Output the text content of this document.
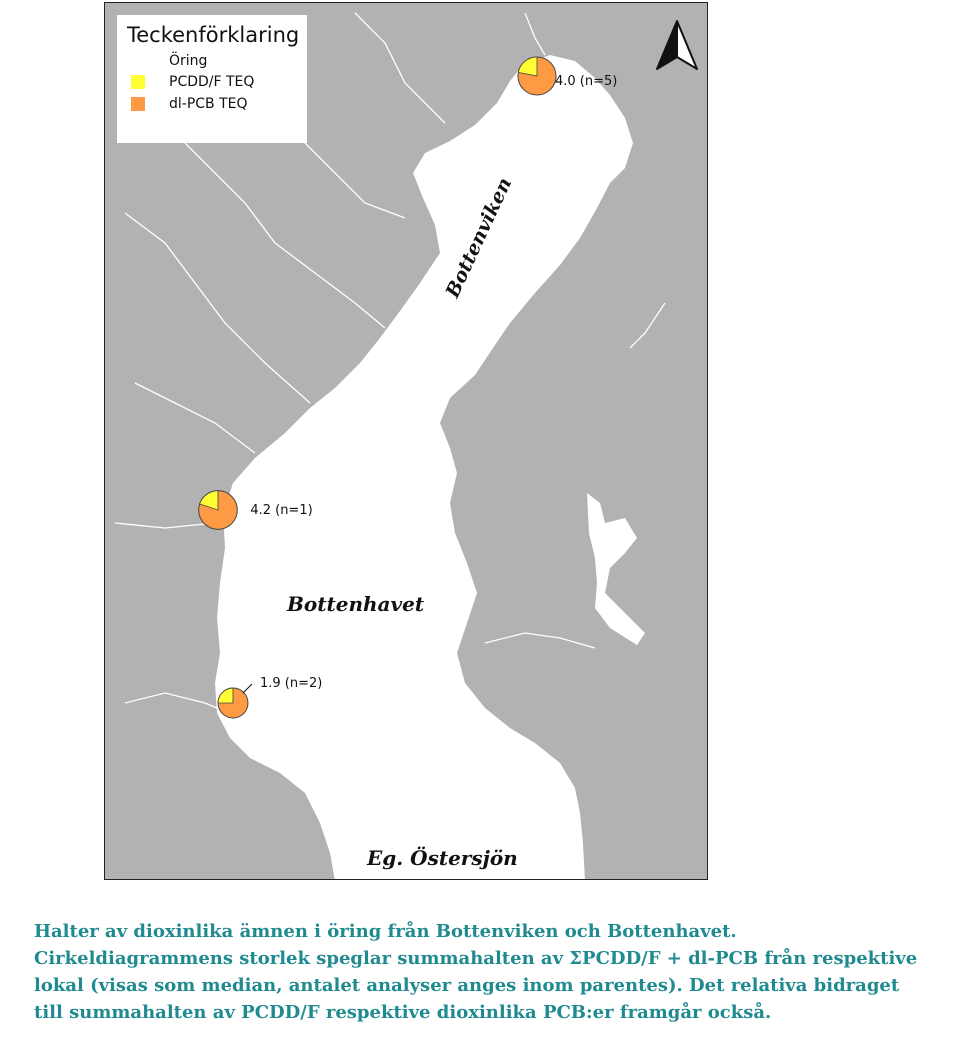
Bottenviken
Bottenhavet
Eg. Östersjön
4.0 (n=5)
4.2 (n=1)
1.9 (n=2)
Teckenförklaring
Öring
PCDD/F TEQ
dl-PCB TEQ
Halter av dioxinlika ämnen i öring från Bottenviken och Bottenhavet. Cirkeldiagrammens storlek speglar summahalten av ΣPCDD/F + dl-PCB från respektive lokal (visas som median, antalet analyser anges inom parentes). Det relativa bidraget till summahalten av PCDD/F respektive dioxinlika PCB:er framgår också.
